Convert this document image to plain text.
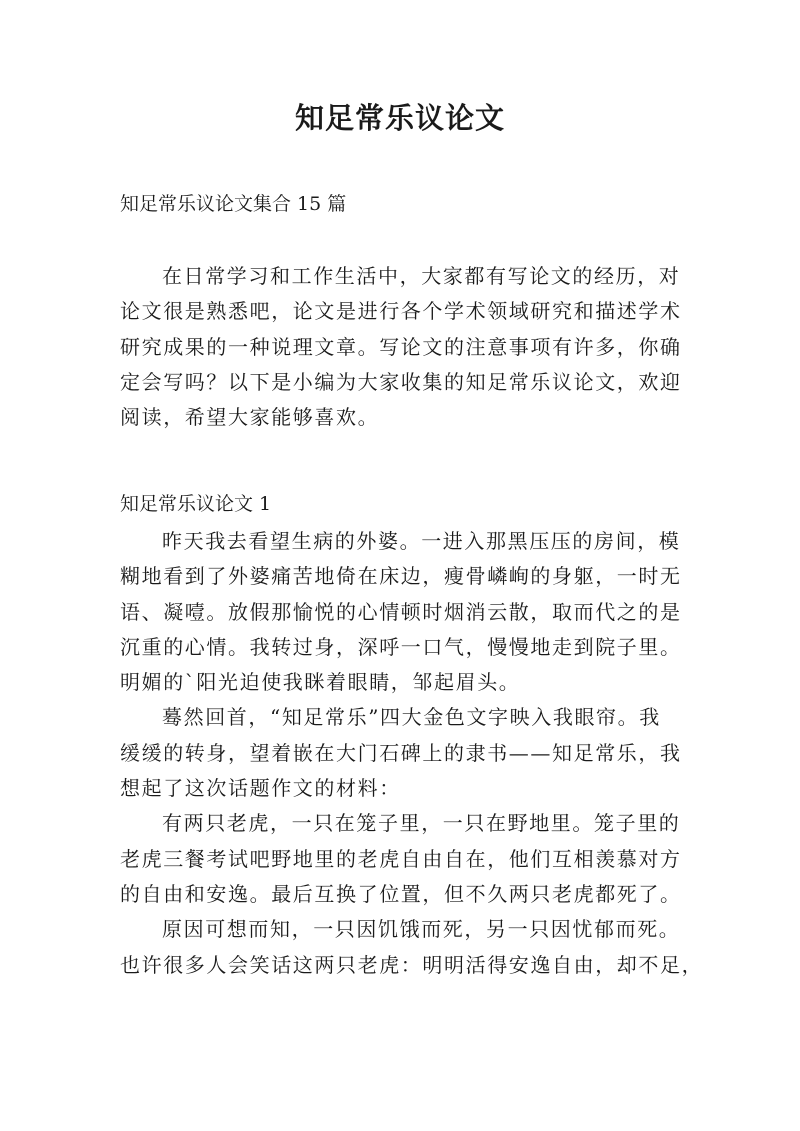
知足常乐议论文
知足常乐议论文集合 15 篇
在日常学习和工作生活中，大家都有写论文的经历，对
论文很是熟悉吧，论文是进行各个学术领域研究和描述学术
研究成果的一种说理文章。写论文的注意事项有许多，你确
定会写吗？以下是小编为大家收集的知足常乐议论文，欢迎
阅读，希望大家能够喜欢。
知足常乐议论文 1
昨天我去看望生病的外婆。一进入那黑压压的房间，模
糊地看到了外婆痛苦地倚在床边，瘦骨嶙峋的身躯，一时无
语、凝噎。放假那愉悦的心情顿时烟消云散，取而代之的是
沉重的心情。我转过身，深呼一口气，慢慢地走到院子里。
明媚的`阳光迫使我眯着眼睛，邹起眉头。
蓦然回首，“知足常乐”四大金色文字映入我眼帘。我
缓缓的转身，望着嵌在大门石碑上的隶书——知足常乐，我
想起了这次话题作文的材料：
有两只老虎，一只在笼子里，一只在野地里。笼子里的
老虎三餐考试吧野地里的老虎自由自在，他们互相羡慕对方
的自由和安逸。最后互换了位置，但不久两只老虎都死了。
原因可想而知，一只因饥饿而死，另一只因忧郁而死。
也许很多人会笑话这两只老虎：明明活得安逸自由，却不足，
